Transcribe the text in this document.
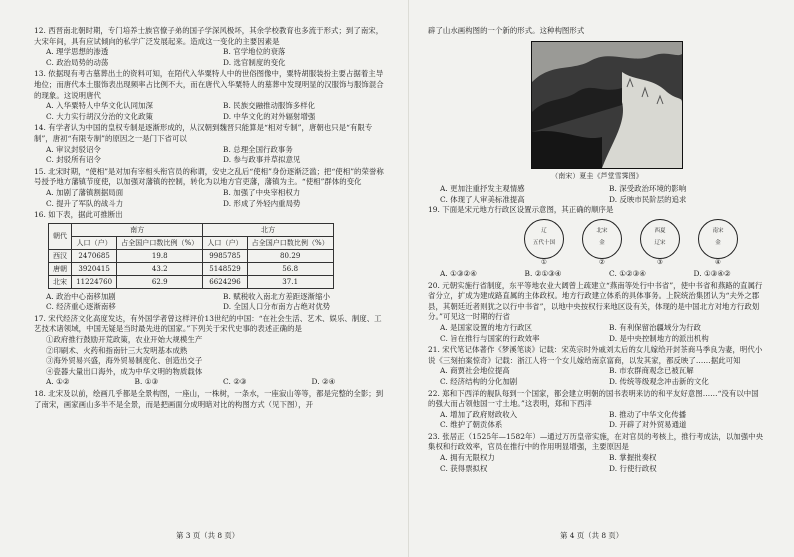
12. 西晋南北朝时期，专门培养士族官僚子弟的国子学深风极坏，其余学校教育也多流于形式；到了南宋，大宋年间，具有应试倾向的私学广泛发展起来。造成这一变化的主要因素是
A. 理学思想的渗透	B. 官学地位的衰落
C. 政治局势的动荡	D. 选官制度的变化
13. 依据现有考古墓葬出土的资料可知，在陌代入华粟特人中的世俗图像中，粟特胡服装扮主要占据着主导地位；而唐代本土服饰表出现频率占比例不大，而在唐代入华粟特人的墓葬中发现明显的汉服饰与服饰混合的现象。这说明唐代
A. 入华粟特人中华文化认同加深	B. 民族交融推动服饰多样化
C. 大力实行胡汉分治的文化政策	D. 中华文化的对外辐射增强
14. 有学者认为中国的皇权专制是逐渐形成的，从汉朝到魏晋只能算是“相对专制”，唐朝也只是“有限专制”，唐初“有限专制”的原因之一是门下省可以
A. 审议封驳诏令	B. 总理全国行政事务
C. 封驳所有诏令	D. 参与政事并草拟意见
15. 北宋时期，“使相”是对加有宰相头衔官员的称谓，安史之乱后“使相”身份逐渐泛滥；把“使相”的荣誉称号授予地方藩镇节度使，以加强对藩镇的控制，转化为以地方官吏藩，藩镇为主。“使相”群体的变化
A. 加剧了藩镇割据局面	B. 加强了中央宰相权力
C. 提升了军队的战斗力	D. 形成了外轻内重局势
16. 如下表，据此可推断出
朝代	南方		北方	
	人口（户）	占全国户口数比例（%）	人口（户）	占全国户口数比例（%）
西汉	2470685	19.8	9985785	80.29
唐朝	3920415	43.2	5148529	56.8
北宋	11224760	62.9	6624296	37.1
A. 政治中心南移加剧	B. 赋税收入南北方差距逐渐缩小
C. 经济重心逐渐南移	D. 全国人口分布南方占绝对优势
17. 宋代经济文化高度发达，有外国学者曾这样评价13世纪的中国：“在社会生活、艺术、娱乐、制度、工艺技术诸领域，中国无疑是当时最先进的国家。”下列关于宋代史事的表述正确的是
①政府推行鼓励开荒政策，农业开始大规模生产
②印刷术、火药和指南针三大发明基本成熟
③海外贸易兴盛，海外贸易制度化、创造出交子
④瓷器大量出口海外，成为中华文明的物质载体
A. ①②	B. ①③	C. ②③	D. ②④
18. 北宋及以前，绘画几乎都是全景构图，一座山，一株树，一条水，一座寂山等等，都是完整的全影；到了南宋，画家画山多半不是全景，而是把画面分成明暗对比的构图方式（见下图），开
第 3 页（共 8 页）
辟了山水画构图的一个新的形式。这种构图形式
（南宋）夏圭《芦堂雪霁图》
A. 更加注重抒发主观情感	B. 深受政治环境的影响
C. 体现了人审美标准提高	D. 反映市民阶层的追求
19. 下面是宋元地方行政区设置示意图，其正确的顺序是
辽
五代十国
①
北宋
金
②
西夏
辽宋
③
南宋
金
④
A. ①③②④	B. ②①③④	C. ①②③④	D. ①③④②
20. 元朝实施行省制度，东平等地农业大阔曾上疏建立“燕南等处行中书省”，使中书省和燕路的直属行省分立，扩成为建成路直属的主体政权。地方行政建立体系的具体事务。上院统治集团认为“夫外之郡县，其朝廷近者则犹之以行中书省”，以地中央按权行来地区设有关，体现的是中国北方对地方行政划分。”可见这一时期的行省
A. 是国家设置的地方行政区	B. 有利保留治疆域分为行政
C. 旨在推行与国家的行政效率	D. 是中央控制地方的派出机构
21. 宋代笔记体著作《梦溪笔谈》记载：宋英宗时外戚刘太后的女儿嫁给开封茶商马季良为妻，明代小说《三刻拍案惊奇》记载：浙江人将一个女儿嫁给南京富商，以发其家，都反映了……据此可知
A. 商贾社会地位提高	B. 市农群商观念已被瓦解
C. 经济结构的分化加剧	D. 传统等级观念冲击新的文化
22. 郑和下西洋的舰队每到一个国家，都会建立明朝的国书表明来访的和平友好意图……“没有以中国的强大而占领他国一寸土地。”这表明，郑和下西洋
A. 增加了政府财政收入	B. 推动了中华文化传播
C. 维护了朝贡体系	D. 开辟了对外贸易通道
23. 张居正（1525年—1582年）—通过万历皇帝实施，在对官员的考核上，推行考成法，以加强中央集权和行政效率，官员在推行中的作用明显增强，主要原因是
A. 拥有无限权力	B. 掌握批奏权
C. 获得票拟权	D. 行使行政权
第 4 页（共 8 页）
